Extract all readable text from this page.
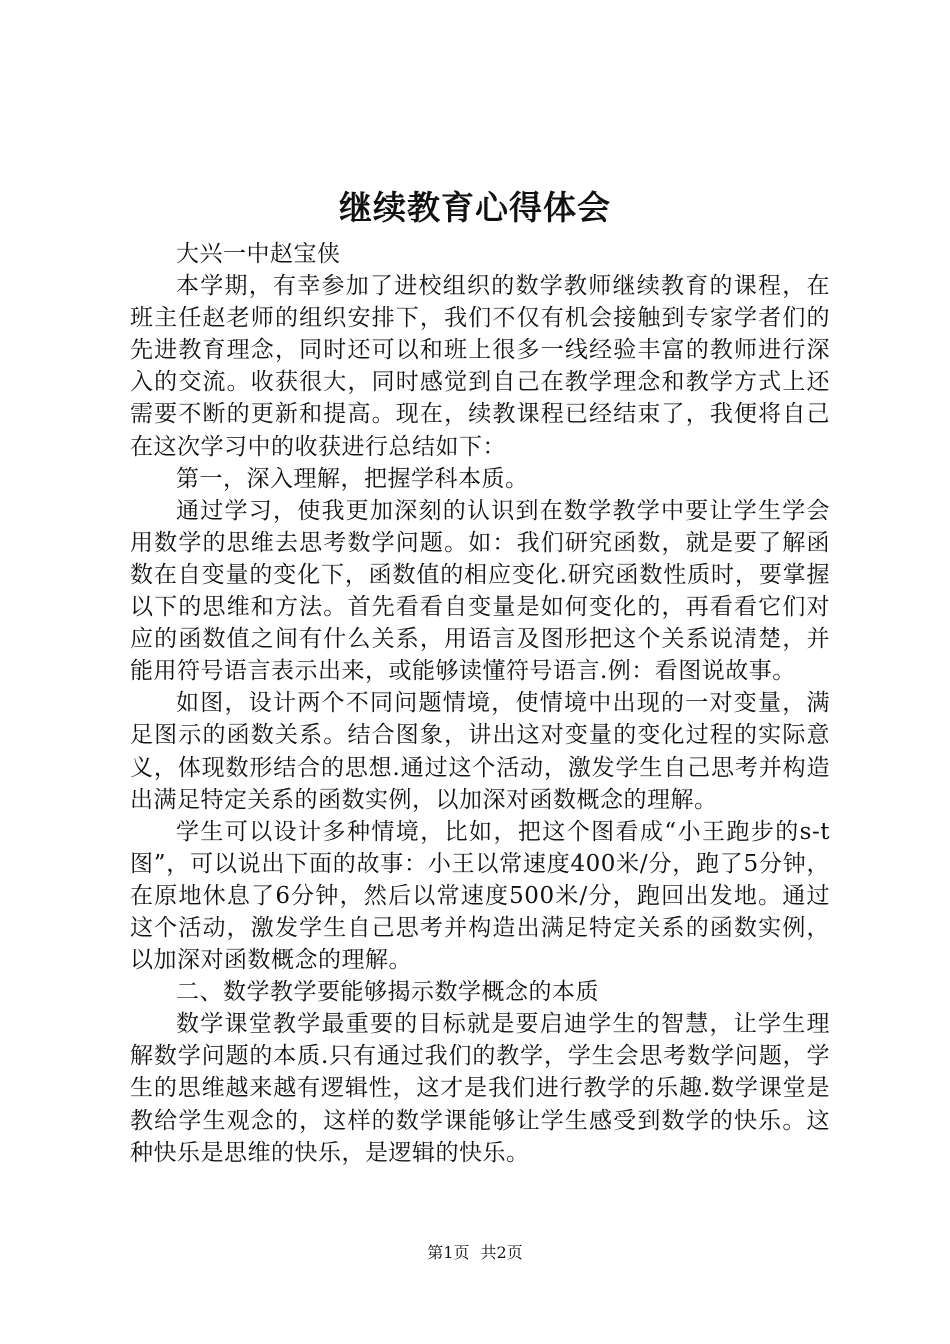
继续教育心得体会

大兴一中赵宝侠

本学期，有幸参加了进校组织的数学教师继续教育的课程，在班主任赵老师的组织安排下，我们不仅有机会接触到专家学者们的先进教育理念，同时还可以和班上很多一线经验丰富的教师进行深入的交流。收获很大，同时感觉到自己在教学理念和教学方式上还需要不断的更新和提高。现在，续教课程已经结束了，我便将自己在这次学习中的收获进行总结如下：

第一，深入理解，把握学科本质。

通过学习，使我更加深刻的认识到在数学教学中要让学生学会用数学的思维去思考数学问题。如：我们研究函数，就是要了解函数在自变量的变化下，函数值的相应变化.研究函数性质时，要掌握以下的思维和方法。首先看看自变量是如何变化的，再看看它们对应的函数值之间有什么关系，用语言及图形把这个关系说清楚，并能用符号语言表示出来，或能够读懂符号语言.例：看图说故事。

如图，设计两个不同问题情境，使情境中出现的一对变量，满足图示的函数关系。结合图象，讲出这对变量的变化过程的实际意义，体现数形结合的思想.通过这个活动，激发学生自己思考并构造出满足特定关系的函数实例，以加深对函数概念的理解。

学生可以设计多种情境，比如，把这个图看成“小王跑步的s-t图”，可以说出下面的故事：小王以常速度400米/分，跑了5分钟，在原地休息了6分钟，然后以常速度500米/分，跑回出发地。通过这个活动，激发学生自己思考并构造出满足特定关系的函数实例，以加深对函数概念的理解。

二、数学教学要能够揭示数学概念的本质

数学课堂教学最重要的目标就是要启迪学生的智慧，让学生理解数学问题的本质.只有通过我们的教学，学生会思考数学问题，学生的思维越来越有逻辑性，这才是我们进行教学的乐趣.数学课堂是教给学生观念的，这样的数学课能够让学生感受到数学的快乐。这种快乐是思维的快乐，是逻辑的快乐。

第1页 共2页
